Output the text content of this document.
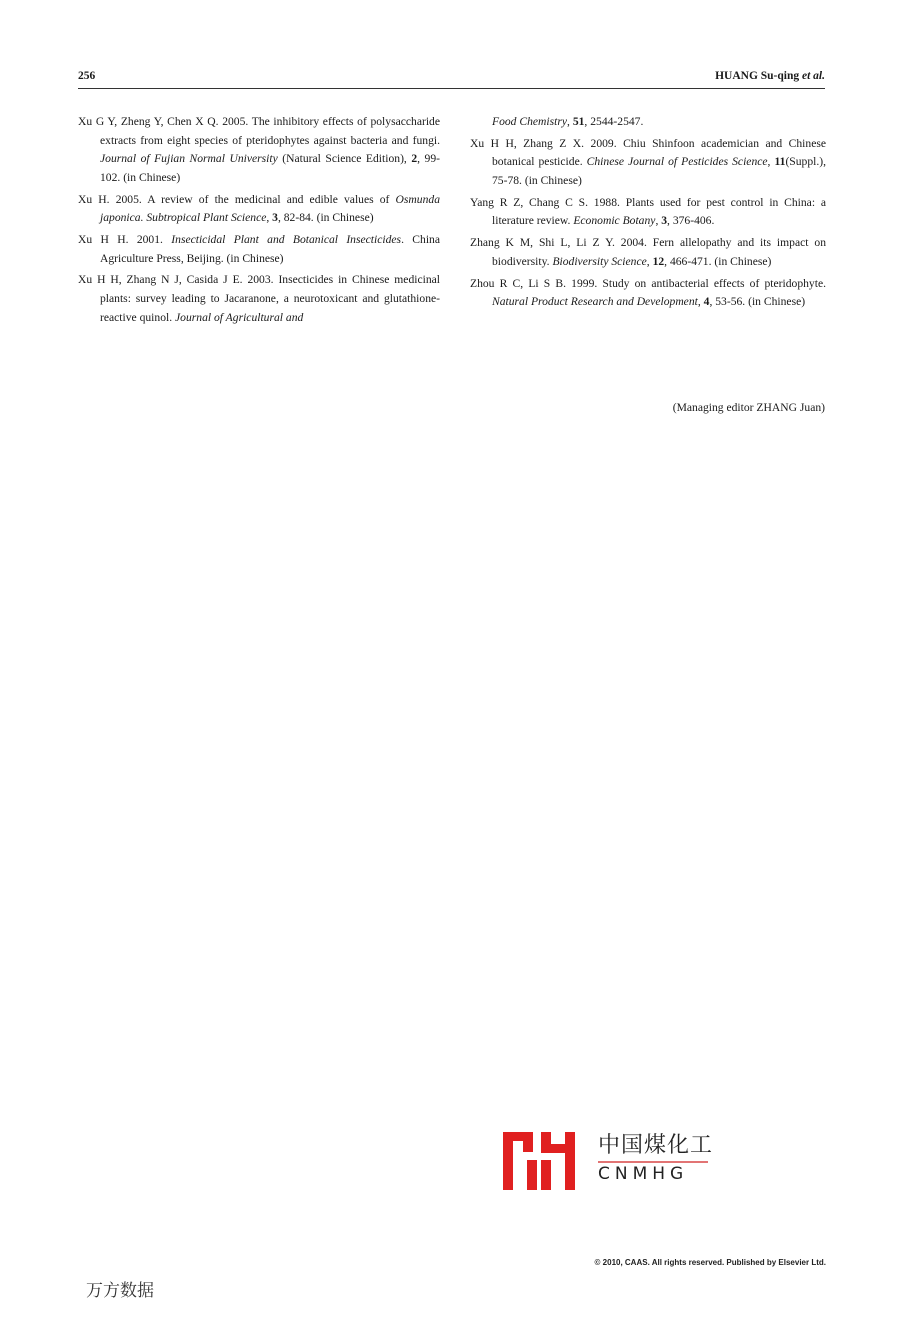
256	HUANG Su-qing et al.

Xu G Y, Zheng Y, Chen X Q. 2005. The inhibitory effects of polysaccharide extracts from eight species of pteridophytes against bacteria and fungi. Journal of Fujian Normal University (Natural Science Edition), 2, 99-102. (in Chinese)

Xu H. 2005. A review of the medicinal and edible values of Osmunda japonica. Subtropical Plant Science, 3, 82-84. (in Chinese)

Xu H H. 2001. Insecticidal Plant and Botanical Insecticides. China Agriculture Press, Beijing. (in Chinese)

Xu H H, Zhang N J, Casida J E. 2003. Insecticides in Chinese medicinal plants: survey leading to Jacaranone, a neurotoxicant and glutathione-reactive quinol. Journal of Agricultural and

Food Chemistry, 51, 2544-2547.

Xu H H, Zhang Z X. 2009. Chiu Shinfoon academician and Chinese botanical pesticide. Chinese Journal of Pesticides Science, 11(Suppl.), 75-78. (in Chinese)

Yang R Z, Chang C S. 1988. Plants used for pest control in China: a literature review. Economic Botany, 3, 376-406.

Zhang K M, Shi L, Li Z Y. 2004. Fern allelopathy and its impact on biodiversity. Biodiversity Science, 12, 466-471. (in Chinese)

Zhou R C, Li S B. 1999. Study on antibacterial effects of pteridophyte. Natural Product Research and Development, 4, 53-56. (in Chinese)

(Managing editor ZHANG Juan)
中国煤化工
CNMHG
© 2010, CAAS. All rights reserved. Published by Elsevier Ltd.
万方数据
